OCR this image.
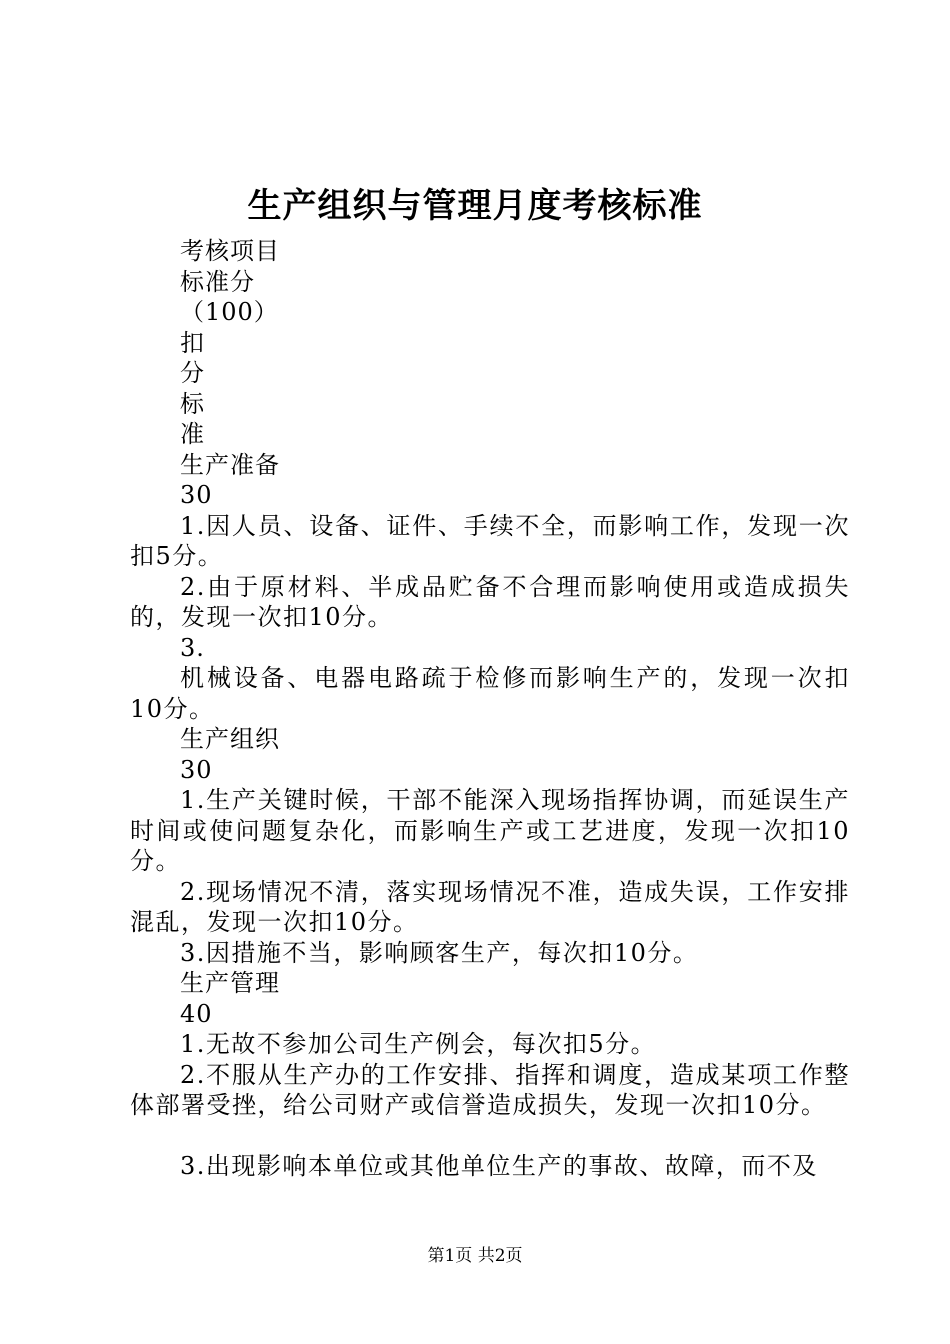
生产组织与管理月度考核标准

考核项目

标准分

（100）

扣

分

标

准

生产准备

30

1.因人员、设备、证件、手续不全，而影响工作，发现一次扣5分。

2.由于原材料、半成品贮备不合理而影响使用或造成损失的，发现一次扣10分。

3.

机械设备、电器电路疏于检修而影响生产的，发现一次扣10分。

生产组织

30

1.生产关键时候，干部不能深入现场指挥协调，而延误生产时间或使问题复杂化，而影响生产或工艺进度，发现一次扣10分。

2.现场情况不清，落实现场情况不准，造成失误，工作安排混乱，发现一次扣10分。

3.因措施不当，影响顾客生产，每次扣10分。

生产管理

40

1.无故不参加公司生产例会，每次扣5分。

2.不服从生产办的工作安排、指挥和调度，造成某项工作整体部署受挫，给公司财产或信誉造成损失，发现一次扣10分。

3.出现影响本单位或其他单位生产的事故、故障，而不及

第1页 共2页
